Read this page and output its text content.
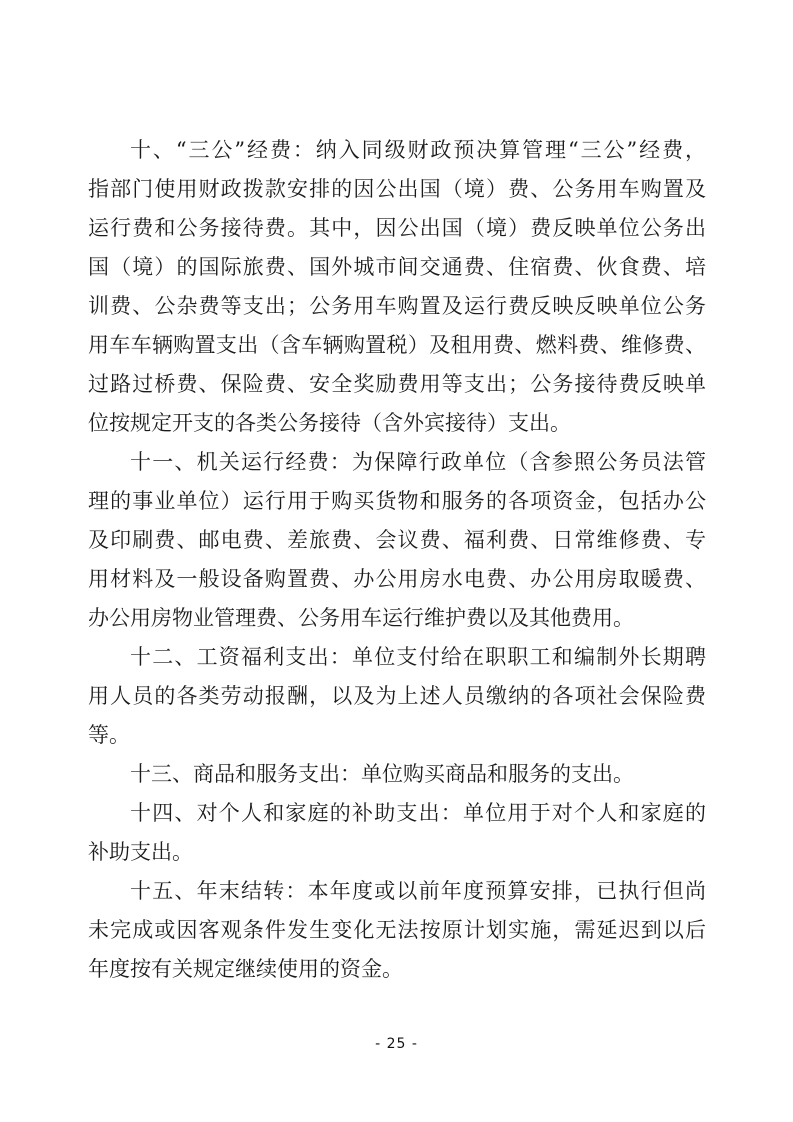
十、“三公”经费：纳入同级财政预决算管理“三公”经费，
指部门使用财政拨款安排的因公出国（境）费、公务用车购置及
运行费和公务接待费。其中，因公出国（境）费反映单位公务出
国（境）的国际旅费、国外城市间交通费、住宿费、伙食费、培
训费、公杂费等支出；公务用车购置及运行费反映反映单位公务
用车车辆购置支出（含车辆购置税）及租用费、燃料费、维修费、
过路过桥费、保险费、安全奖励费用等支出；公务接待费反映单
位按规定开支的各类公务接待（含外宾接待）支出。
十一、机关运行经费：为保障行政单位（含参照公务员法管
理的事业单位）运行用于购买货物和服务的各项资金，包括办公
及印刷费、邮电费、差旅费、会议费、福利费、日常维修费、专
用材料及一般设备购置费、办公用房水电费、办公用房取暖费、
办公用房物业管理费、公务用车运行维护费以及其他费用。
十二、工资福利支出：单位支付给在职职工和编制外长期聘
用人员的各类劳动报酬，以及为上述人员缴纳的各项社会保险费
等。
十三、商品和服务支出：单位购买商品和服务的支出。
十四、对个人和家庭的补助支出：单位用于对个人和家庭的
补助支出。
十五、年末结转：本年度或以前年度预算安排，已执行但尚
未完成或因客观条件发生变化无法按原计划实施，需延迟到以后
年度按有关规定继续使用的资金。
- 25 -
